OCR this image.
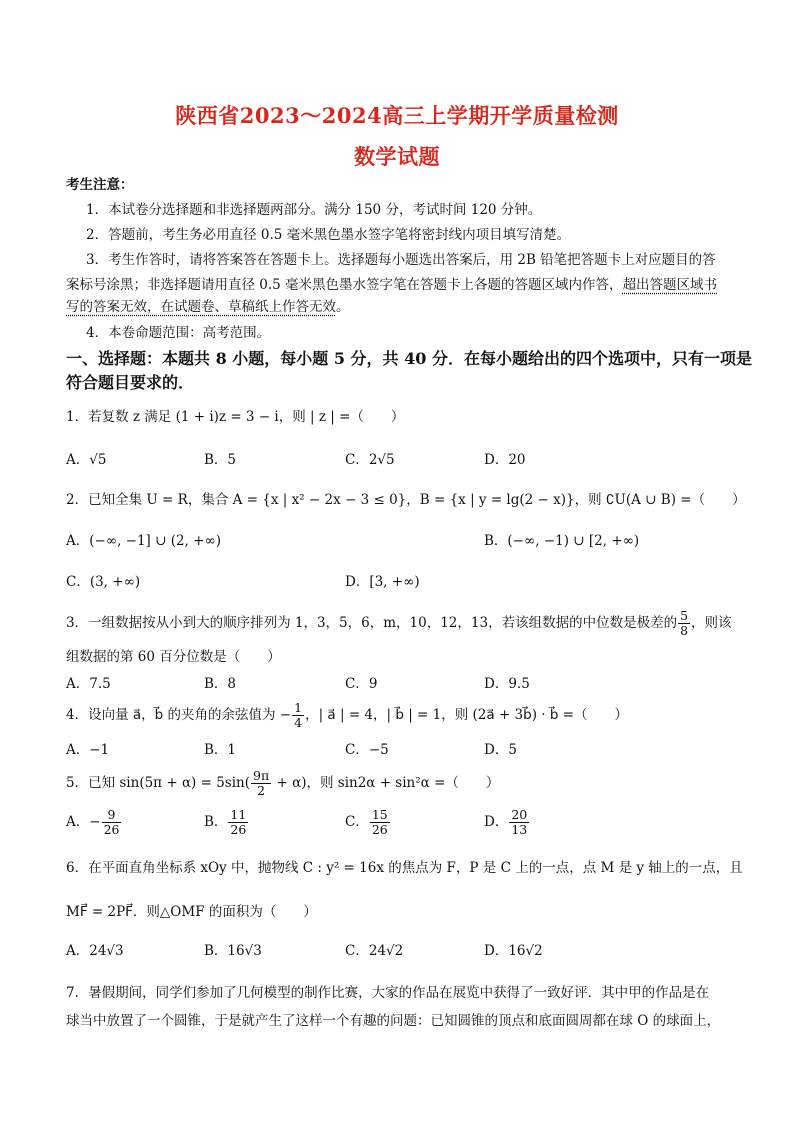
陕西省2023～2024高三上学期开学质量检测
数学试题
考生注意：
1．本试卷分选择题和非选择题两部分。满分 150 分，考试时间 120 分钟。
2．答题前，考生务必用直径 0.5 毫米黑色墨水签字笔将密封线内项目填写清楚。
3．考生作答时，请将答案答在答题卡上。选择题每小题选出答案后，用 2B 铅笔把答题卡上对应题目的答
案标号涂黑；非选择题请用直径 0.5 毫米黑色墨水签字笔在答题卡上各题的答题区域内作答，超出答题区域书
写的答案无效，在试题卷、草稿纸上作答无效。
4．本卷命题范围：高考范围。
一、选择题：本题共 8 小题，每小题 5 分，共 40 分．在每小题给出的四个选项中，只有一项是
符合题目要求的．
1．若复数 z 满足 (1 + i)z = 3 − i，则 | z | =（　　）
A．√5	B．5	C．2√5	D．20
2．已知全集 U = R，集合 A = {x | x² − 2x − 3 ≤ 0}，B = {x | y = lg(2 − x)}，则 ∁U(A ∪ B) =（　　）
A．(−∞, −1] ∪ (2, +∞)	B．(−∞, −1) ∪ [2, +∞)
C．(3, +∞)	D．[3, +∞)
3．一组数据按从小到大的顺序排列为 1，3，5，6，m，10，12，13，若该组数据的中位数是极差的 $\frac{5}{8}$ ，则该
组数据的第 60 百分位数是（　　）
A．7.5	B．8	C．9	D．9.5
4．设向量 a⃗，b⃗ 的夹角的余弦值为 − $\frac{1}{4}$ ，| a⃗ | = 4，| b⃗ | = 1，则 (2a⃗ + 3b⃗) · b⃗ =（　　）
A．−1	B．1	C．−5	D．5
5．已知 $\sin(5\pi + \alpha) = 5\sin( \frac{9\pi}{2} + \alpha)$，则 sin2α + sin²α =（　　）
A．− $\frac{9}{26}$	B． $\frac{11}{26}$	C． $\frac{15}{26}$	D． $\frac{20}{13}$
6．在平面直角坐标系 xOy 中，抛物线 C : y² = 16x 的焦点为 F，P 是 C 上的一点，点 M 是 y 轴上的一点，且
MF⃗ = 2PF⃗．则△OMF 的面积为（　　）
A．24√3	B．16√3	C．24√2	D．16√2
7．暑假期间，同学们参加了几何模型的制作比赛，大家的作品在展览中获得了一致好评．其中甲的作品是在
球当中放置了一个圆锥，于是就产生了这样一个有趣的问题：已知圆锥的顶点和底面圆周都在球 O 的球面上，
